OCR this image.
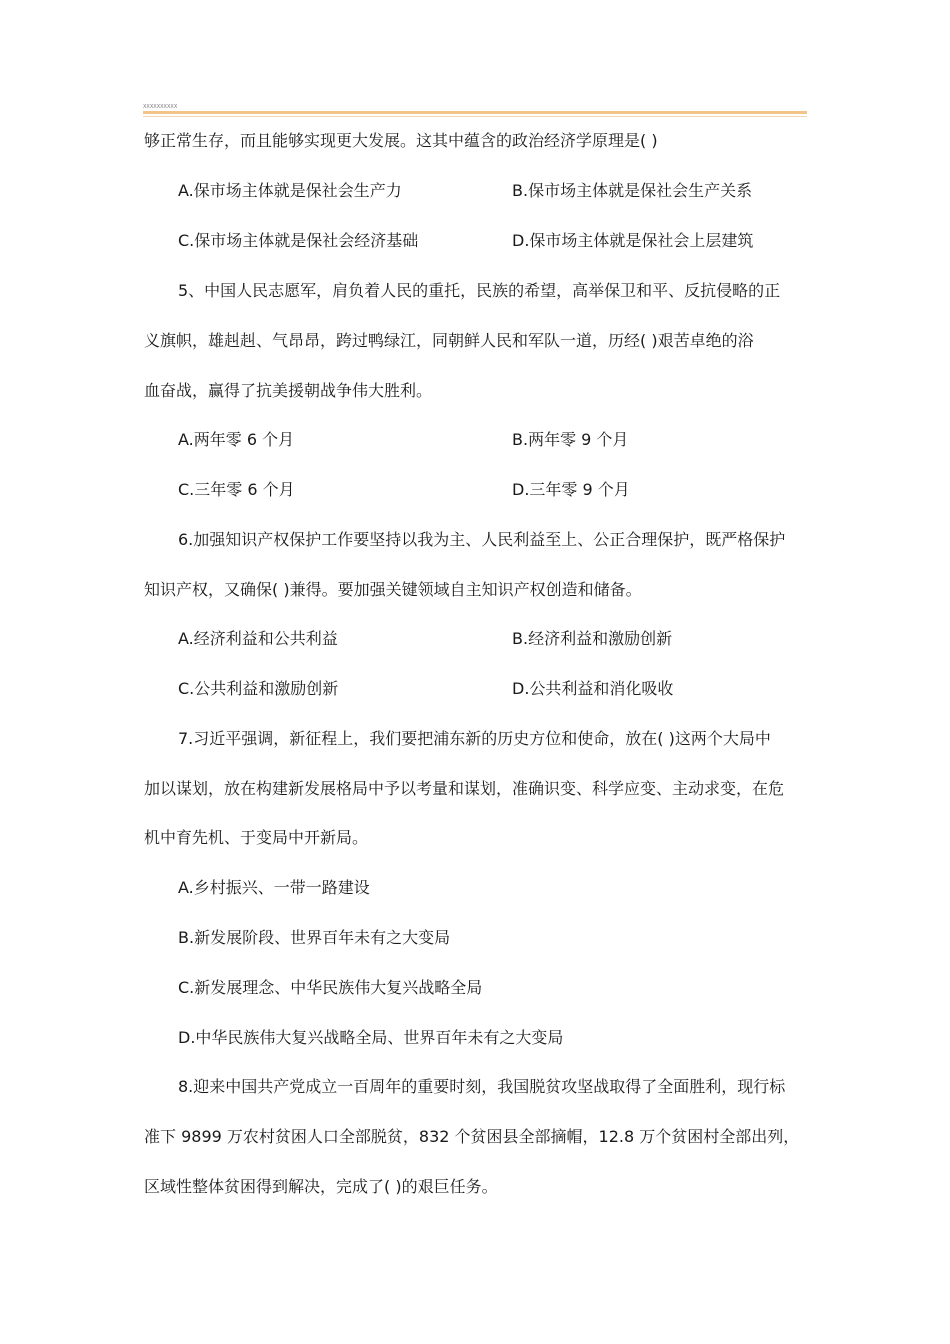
XXXXXXXXXX
够正常生存，而且能够实现更大发展。这其中蕴含的政治经济学原理是( )
A.保市场主体就是保社会生产力	B.保市场主体就是保社会生产关系
C.保市场主体就是保社会经济基础	D.保市场主体就是保社会上层建筑
5、中国人民志愿军，肩负着人民的重托，民族的希望，高举保卫和平、反抗侵略的正
义旗帜，雄赳赳、气昂昂，跨过鸭绿江，同朝鲜人民和军队一道，历经( )艰苦卓绝的浴
血奋战，赢得了抗美援朝战争伟大胜利。
A.两年零 6 个月	B.两年零 9 个月
C.三年零 6 个月	D.三年零 9 个月
6.加强知识产权保护工作要坚持以我为主、人民利益至上、公正合理保护，既严格保护
知识产权，又确保( )兼得。要加强关键领域自主知识产权创造和储备。
A.经济利益和公共利益	B.经济利益和激励创新
C.公共利益和激励创新	D.公共利益和消化吸收
7.习近平强调，新征程上，我们要把浦东新的历史方位和使命，放在( )这两个大局中
加以谋划，放在构建新发展格局中予以考量和谋划，准确识变、科学应变、主动求变，在危
机中育先机、于变局中开新局。
A.乡村振兴、一带一路建设
B.新发展阶段、世界百年未有之大变局
C.新发展理念、中华民族伟大复兴战略全局
D.中华民族伟大复兴战略全局、世界百年未有之大变局
8.迎来中国共产党成立一百周年的重要时刻，我国脱贫攻坚战取得了全面胜利，现行标
准下 9899 万农村贫困人口全部脱贫，832 个贫困县全部摘帽，12.8 万个贫困村全部出列，
区域性整体贫困得到解决，完成了( )的艰巨任务。
